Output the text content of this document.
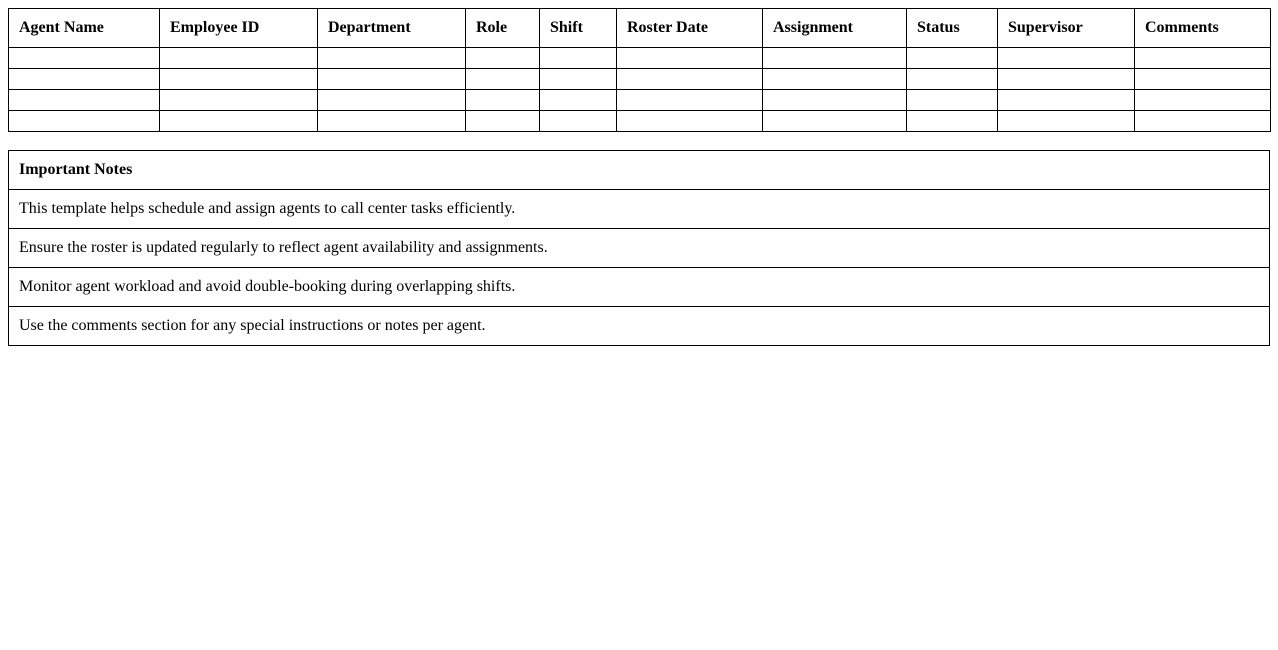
Agent Name	Employee ID	Department	Role	Shift	Roster Date	Assignment	Status	Supervisor	Comments

Important Notes
This template helps schedule and assign agents to call center tasks efficiently.
Ensure the roster is updated regularly to reflect agent availability and assignments.
Monitor agent workload and avoid double-booking during overlapping shifts.
Use the comments section for any special instructions or notes per agent.
